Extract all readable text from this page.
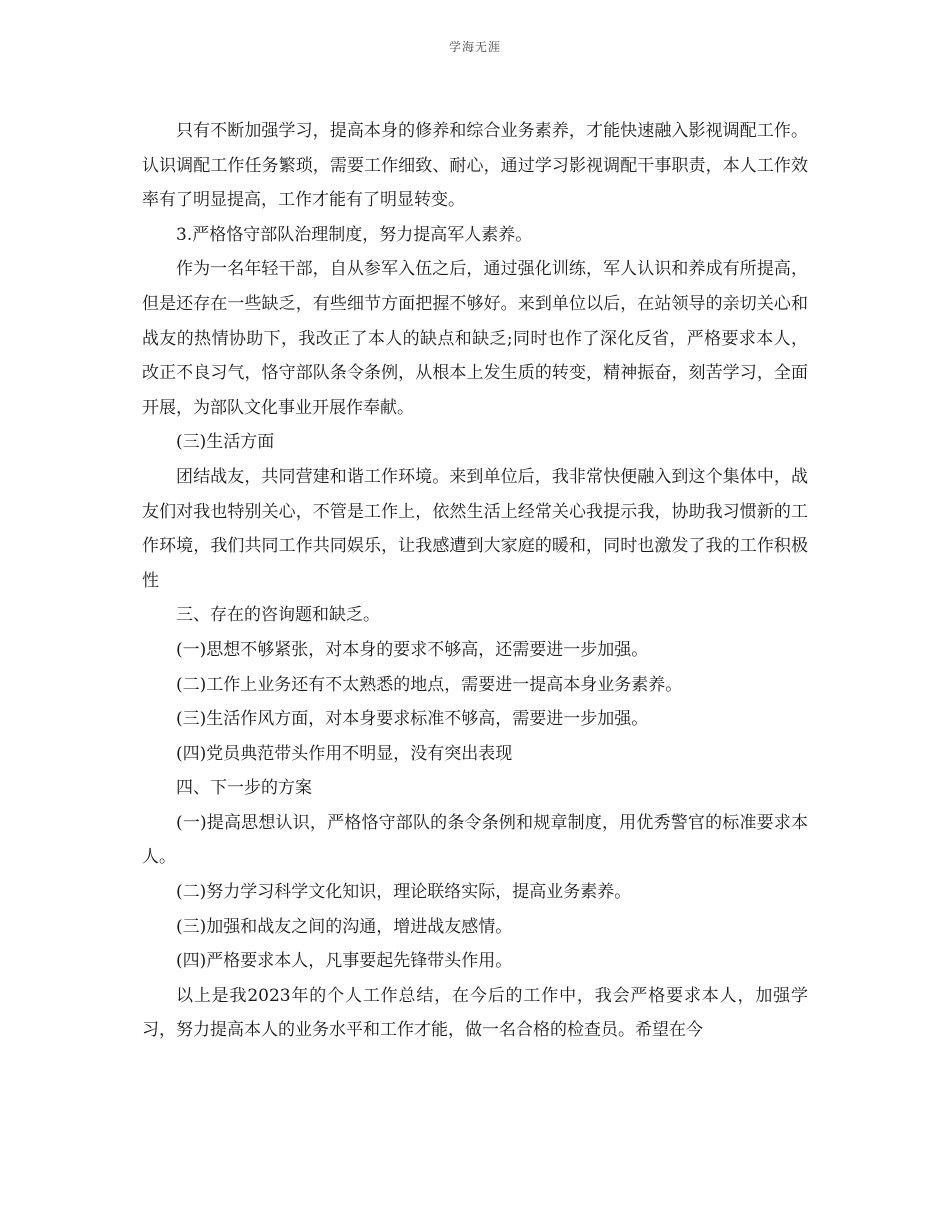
学海无涯

只有不断加强学习，提高本身的修养和综合业务素养，才能快速融入影视调配工作。认识调配工作任务繁琐，需要工作细致、耐心，通过学习影视调配干事职责，本人工作效率有了明显提高，工作才能有了明显转变。

3.严格恪守部队治理制度，努力提高军人素养。

作为一名年轻干部，自从参军入伍之后，通过强化训练，军人认识和养成有所提高，但是还存在一些缺乏，有些细节方面把握不够好。来到单位以后，在站领导的亲切关心和战友的热情协助下，我改正了本人的缺点和缺乏;同时也作了深化反省，严格要求本人，改正不良习气，恪守部队条令条例，从根本上发生质的转变，精神振奋，刻苦学习，全面开展，为部队文化事业开展作奉献。

(三)生活方面

团结战友，共同营建和谐工作环境。来到单位后，我非常快便融入到这个集体中，战友们对我也特别关心，不管是工作上，依然生活上经常关心我提示我，协助我习惯新的工作环境，我们共同工作共同娱乐，让我感遭到大家庭的暖和，同时也激发了我的工作积极性

三、存在的咨询题和缺乏。

(一)思想不够紧张，对本身的要求不够高，还需要进一步加强。

(二)工作上业务还有不太熟悉的地点，需要进一提高本身业务素养。

(三)生活作风方面，对本身要求标准不够高，需要进一步加强。

(四)党员典范带头作用不明显，没有突出表现

四、下一步的方案

(一)提高思想认识，严格恪守部队的条令条例和规章制度，用优秀警官的标准要求本人。

(二)努力学习科学文化知识，理论联络实际，提高业务素养。

(三)加强和战友之间的沟通，增进战友感情。

(四)严格要求本人，凡事要起先锋带头作用。

以上是我2023年的个人工作总结，在今后的工作中，我会严格要求本人，加强学习，努力提高本人的业务水平和工作才能，做一名合格的检查员。希望在今
